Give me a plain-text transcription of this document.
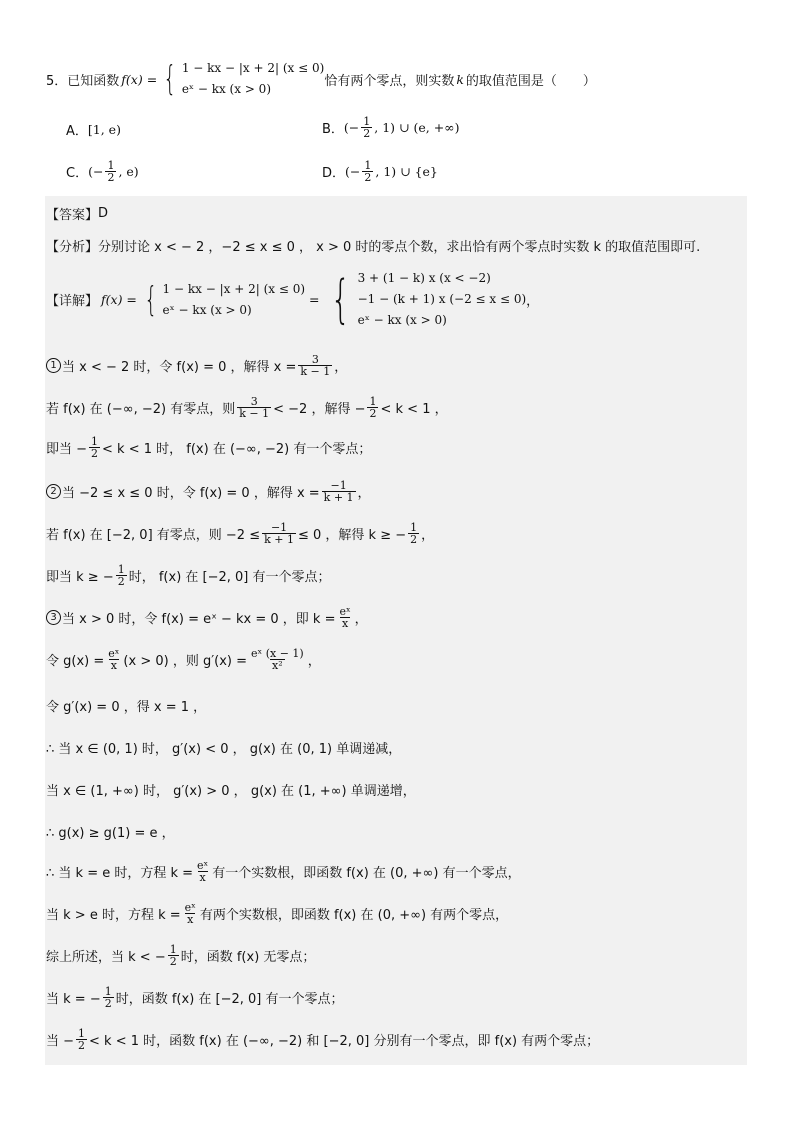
5． 已知函数 f(x) = { 1 − kx − |x + 2| (x ≤ 0)
eˣ − kx (x > 0)
恰有两个零点，则实数 k 的取值范围是（　　）
A． [1, e)	B． (− $\frac{1}{2}$ , 1) ∪ (e, +∞)
C． (− $\frac{1}{2}$ , e)	D． (− $\frac{1}{2}$ , 1) ∪ {e}
【答案】 D
【分析】 分别讨论 x < − 2 ，−2 ≤ x ≤ 0 ， x > 0 时的零点个数，求出恰有两个零点时实数 k 的取值范围即可.
【详解】 f(x) = { 1 − kx − |x + 2| (x ≤ 0)
eˣ − kx (x > 0)
= { 3 + (1 − k) x (x < −2)
−1 − (k + 1) x (−2 ≤ x ≤ 0)
eˣ − kx (x > 0)
，
1 当 x < − 2 时，令 f(x) = 0 ，解得 $x = \frac{3}{k - 1}$ ，
若 f(x) 在 (−∞, −2) 有零点，则 $\frac{3}{k - 1} < -2$ ，解得 − $\frac{1}{2} < k < 1$ ，
即当 − $\frac{1}{2} < k < 1$ 时， f(x) 在 (−∞, −2) 有一个零点；
2 当 −2 ≤ x ≤ 0 时，令 f(x) = 0 ，解得 $x = \frac{-1}{k + 1}$ ，
若 f(x) 在 [−2, 0] 有零点，则 $-2 \le \frac{-1}{k + 1} \le 0$ ，解得 k ≥ − $\frac{1}{2}$ ，
即当 k ≥ − $\frac{1}{2}$ 时， f(x) 在 [−2, 0] 有一个零点；
3 当 x > 0 时，令 f(x) = eˣ − kx = 0 ，即 $k = \frac{\text{eˣ}}{x}$ ，
令 $g(x) = \frac{\text{eˣ}}{x} (x > 0)$ ，则 $g'(x) = \frac{\text{eˣ (x − 1)}}{\text{x²}}$ ，
令 g′(x) = 0 ，得 x = 1 ，
∴ 当 x ∈ (0, 1) 时， g′(x) < 0 ， g(x) 在 (0, 1) 单调递减，
当 x ∈ (1, +∞) 时， g′(x) > 0 ， g(x) 在 (1, +∞) 单调递增，
∴ g(x) ≥ g(1) = e ，
∴ 当 k = e 时，方程 $k = \frac{\text{eˣ}}{x}$ 有一个实数根，即函数 f(x) 在 (0, +∞) 有一个零点，
当 k > e 时，方程 $k = \frac{\text{eˣ}}{x}$ 有两个实数根，即函数 f(x) 在 (0, +∞) 有两个零点，
综上所述，当 k < − $\frac{1}{2}$ 时，函数 f(x) 无零点；
当 k = − $\frac{1}{2}$ 时，函数 f(x) 在 [−2, 0] 有一个零点；
当 − $\frac{1}{2} < k < 1$ 时，函数 f(x) 在 (−∞, −2) 和 [−2, 0] 分别有一个零点，即 f(x) 有两个零点；
